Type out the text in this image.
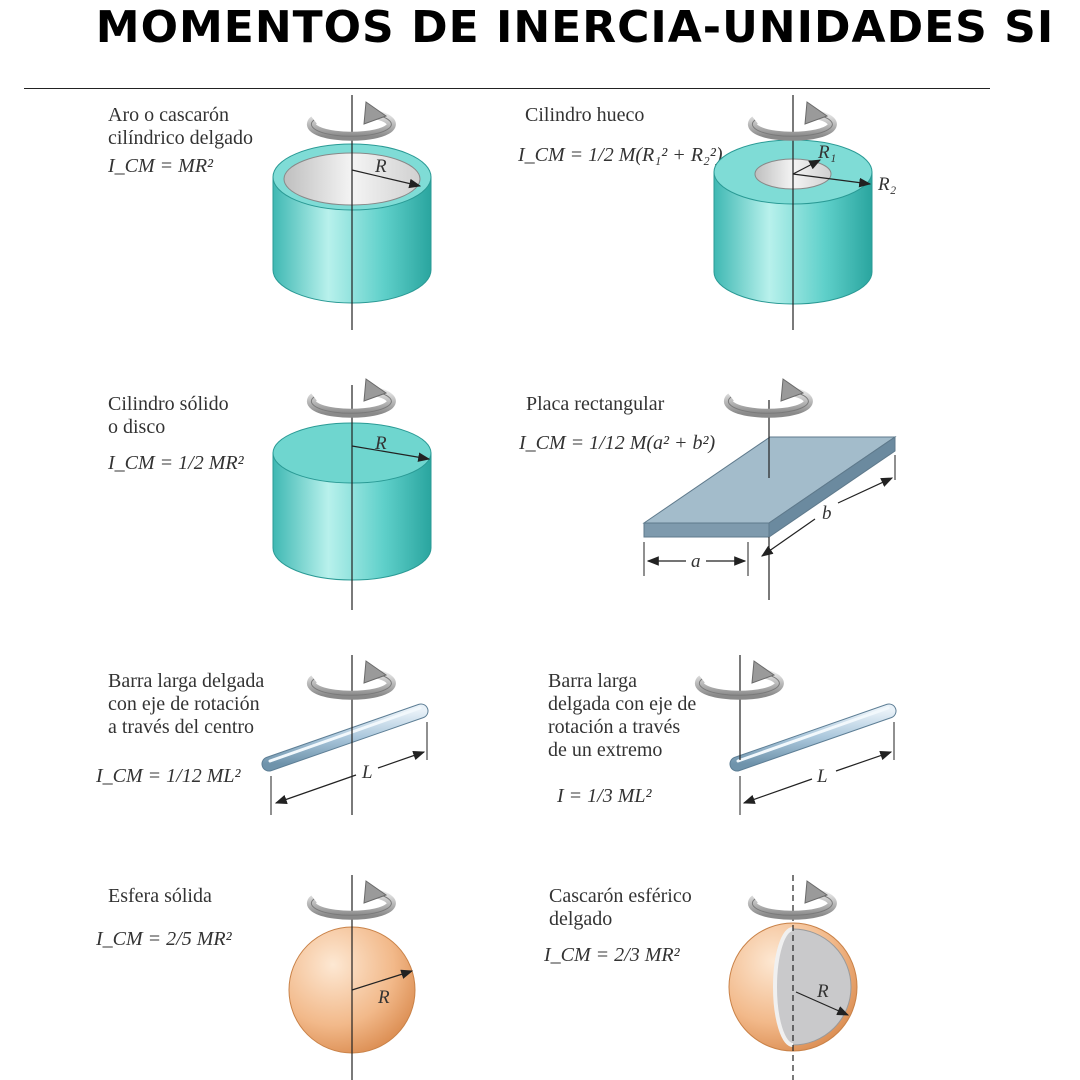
MOMENTOS DE INERCIA-UNIDADES SI
Aro o cascarón
cilíndrico delgado
Cilindro hueco
Cilindro sólido
o disco
Placa rectangular
Barra larga delgada
con eje de rotación
a través del centro
Barra larga
delgada con eje de
rotación a través
de un extremo
Esfera sólida	Cascarón esférico
delgado
I_CM = MR²	I_CM = 1/2 M(R₁² + R₂²)
I_CM = 1/2 MR²
I_CM = 1/12 M(a² + b²)
I_CM = 1/12 ML²
I = 1/3 ML²
I_CM = 2/5 MR²
I_CM = 2/3 MR²
R
R₁
R₂
R
a
b
L	L
R	R
